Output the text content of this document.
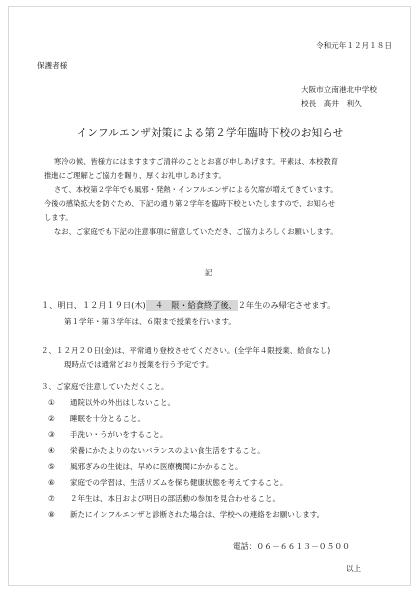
令和元年１２月１８日
保護者様
大阪市立南港北中学校
校長　髙井　利久
インフルエンザ対策による第２学年臨時下校のお知らせ
寒冷の候、皆様方にはますますご清祥のこととお喜び申しあげます。平素は、本校教育
推進にご理解とご協力を賜り、厚くお礼申しあげます。
さて、本校第２学年でも風邪・発熱・インフルエンザによる欠席が増えてきています。
今後の感染拡大を防ぐため、下記の通り第２学年を臨時下校といたしますので、お知らせ
します。
なお、ご家庭でも下記の注意事項に留意していただき、ご協力よろしくお願いします。
記
１、明日、１２月１９日(木)　４　限・給食終了後、２年生のみ帰宅させます。
第１学年・第３学年は、６限まで授業を行います。
２、１２月２０日(金)は、平常通り登校させてください。(全学年４限授業、給食なし)
現時点では通常どおり授業を行う予定です。
３、ご家庭で注意していただくこと。
①	通院以外の外出はしないこと。
②	睡眠を十分とること。
③	手洗い・うがいをすること。
④	栄養にかたよりのないバランスのよい食生活をすること。
⑤	風邪ぎみの生徒は、早めに医療機関にかかること。
⑥	家庭での学習は、生活リズムを保ち健康状態を考えてすること。
⑦	２年生は、本日および明日の部活動の参加を見合わせること。
⑧	新たにインフルエンザと診断された場合は、学校への連絡をお願いします。
電話：０６－６６１３－０５００
以上
